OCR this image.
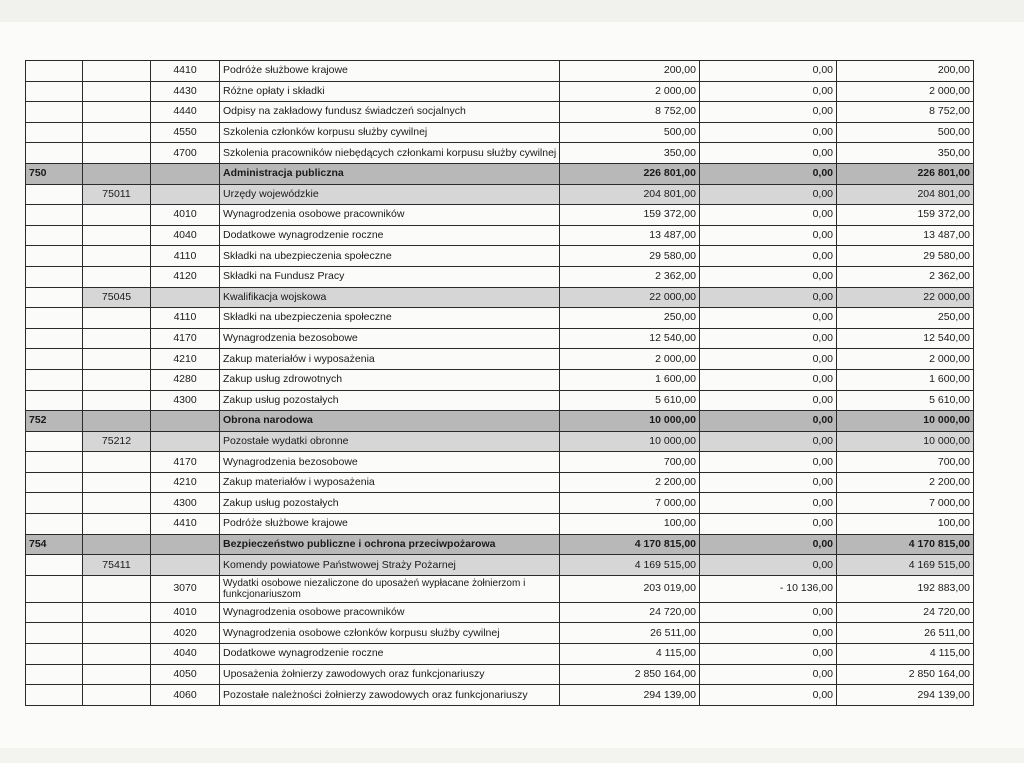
		4410	Podróże służbowe krajowe	200,00	0,00	200,00
		4430	Różne opłaty i składki	2 000,00	0,00	2 000,00
		4440	Odpisy na zakładowy fundusz świadczeń socjalnych	8 752,00	0,00	8 752,00
		4550	Szkolenia członków korpusu służby cywilnej	500,00	0,00	500,00
		4700	Szkolenia pracowników niebędących członkami korpusu służby cywilnej	350,00	0,00	350,00
750			Administracja publiczna	226 801,00	0,00	226 801,00
	75011		Urzędy wojewódzkie	204 801,00	0,00	204 801,00
		4010	Wynagrodzenia osobowe pracowników	159 372,00	0,00	159 372,00
		4040	Dodatkowe wynagrodzenie roczne	13 487,00	0,00	13 487,00
		4110	Składki na ubezpieczenia społeczne	29 580,00	0,00	29 580,00
		4120	Składki na Fundusz Pracy	2 362,00	0,00	2 362,00
	75045		Kwalifikacja wojskowa	22 000,00	0,00	22 000,00
		4110	Składki na ubezpieczenia społeczne	250,00	0,00	250,00
		4170	Wynagrodzenia bezosobowe	12 540,00	0,00	12 540,00
		4210	Zakup materiałów i wyposażenia	2 000,00	0,00	2 000,00
		4280	Zakup usług zdrowotnych	1 600,00	0,00	1 600,00
		4300	Zakup usług pozostałych	5 610,00	0,00	5 610,00
752			Obrona narodowa	10 000,00	0,00	10 000,00
	75212		Pozostałe wydatki obronne	10 000,00	0,00	10 000,00
		4170	Wynagrodzenia bezosobowe	700,00	0,00	700,00
		4210	Zakup materiałów i wyposażenia	2 200,00	0,00	2 200,00
		4300	Zakup usług pozostałych	7 000,00	0,00	7 000,00
		4410	Podróże służbowe krajowe	100,00	0,00	100,00
754			Bezpieczeństwo publiczne i ochrona przeciwpożarowa	4 170 815,00	0,00	4 170 815,00
	75411		Komendy powiatowe Państwowej Straży Pożarnej	4 169 515,00	0,00	4 169 515,00
		3070	Wydatki osobowe niezaliczone do uposażeń wypłacane żołnierzom i funkcjonariuszom	203 019,00	- 10 136,00	192 883,00
		4010	Wynagrodzenia osobowe pracowników	24 720,00	0,00	24 720,00
		4020	Wynagrodzenia osobowe członków korpusu służby cywilnej	26 511,00	0,00	26 511,00
		4040	Dodatkowe wynagrodzenie roczne	4 115,00	0,00	4 115,00
		4050	Uposażenia żołnierzy zawodowych oraz funkcjonariuszy	2 850 164,00	0,00	2 850 164,00
		4060	Pozostałe należności żołnierzy zawodowych oraz funkcjonariuszy	294 139,00	0,00	294 139,00
